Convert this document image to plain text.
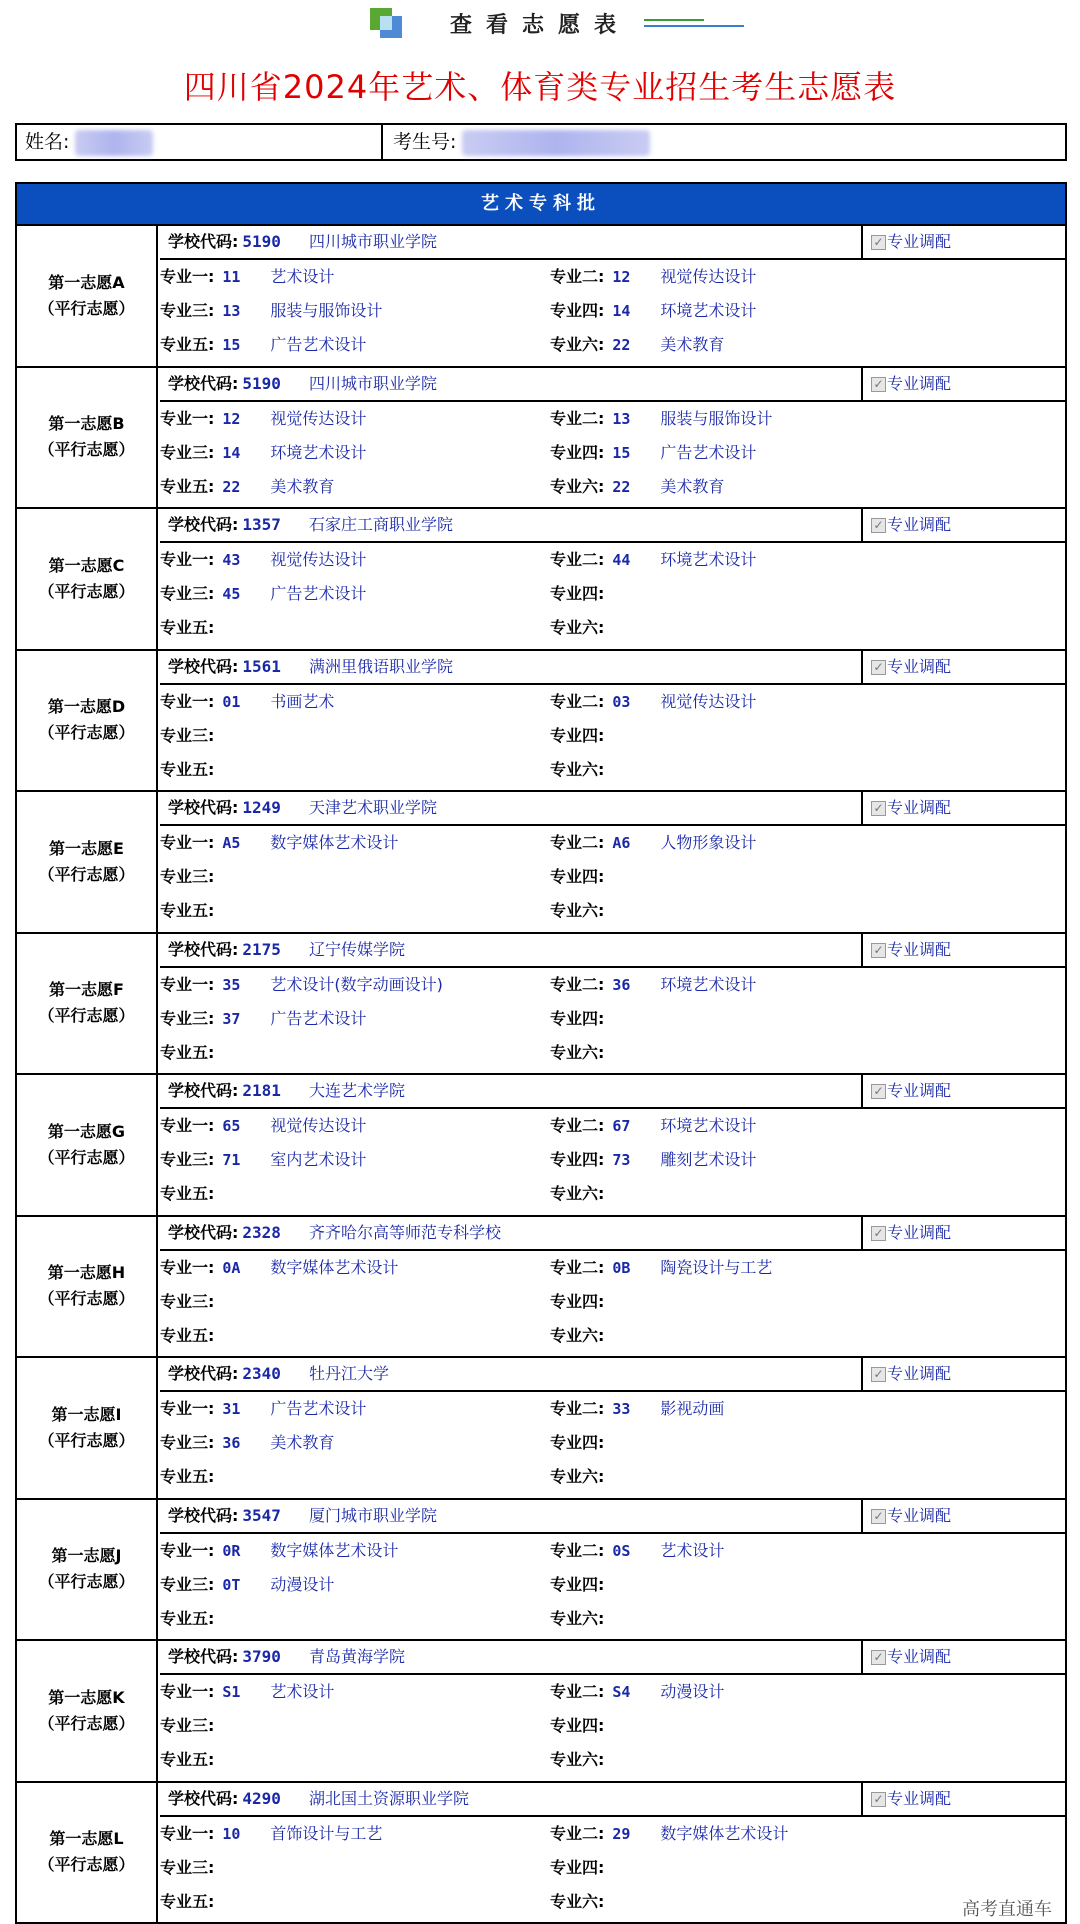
查看志愿表
四川省2024年艺术、体育类专业招生考生志愿表
姓名:	考生号:
艺术专科批
第一志愿A
（平行志愿）
学校代码: 5190 四川城市职业学院	✓ 专业调配
专业一: 11 艺术设计	专业二: 12 视觉传达设计
专业三: 13 服装与服饰设计	专业四: 14 环境艺术设计
专业五: 15 广告艺术设计	专业六: 22 美术教育
第一志愿B
（平行志愿）
学校代码: 5190 四川城市职业学院	✓ 专业调配
专业一: 12 视觉传达设计	专业二: 13 服装与服饰设计
专业三: 14 环境艺术设计	专业四: 15 广告艺术设计
专业五: 22 美术教育	专业六: 22 美术教育
第一志愿C
（平行志愿）
学校代码: 1357 石家庄工商职业学院	✓ 专业调配
专业一: 43 视觉传达设计	专业二: 44 环境艺术设计
专业三: 45 广告艺术设计	专业四:
专业五:	专业六:
第一志愿D
（平行志愿）
学校代码: 1561 满洲里俄语职业学院	✓ 专业调配
专业一: 01 书画艺术	专业二: 03 视觉传达设计
专业三:	专业四:
专业五:	专业六:
第一志愿E
（平行志愿）
学校代码: 1249 天津艺术职业学院	✓ 专业调配
专业一: A5 数字媒体艺术设计	专业二: A6 人物形象设计
专业三:	专业四:
专业五:	专业六:
第一志愿F
（平行志愿）
学校代码: 2175 辽宁传媒学院	✓ 专业调配
专业一: 35 艺术设计(数字动画设计)	专业二: 36 环境艺术设计
专业三: 37 广告艺术设计	专业四:
专业五:	专业六:
第一志愿G
（平行志愿）
学校代码: 2181 大连艺术学院	✓ 专业调配
专业一: 65 视觉传达设计	专业二: 67 环境艺术设计
专业三: 71 室内艺术设计	专业四: 73 雕刻艺术设计
专业五:	专业六:
第一志愿H
（平行志愿）
学校代码: 2328 齐齐哈尔高等师范专科学校	✓ 专业调配
专业一: 0A 数字媒体艺术设计	专业二: 0B 陶瓷设计与工艺
专业三:	专业四:
专业五:	专业六:
第一志愿I
（平行志愿）
学校代码: 2340 牡丹江大学	✓ 专业调配
专业一: 31 广告艺术设计	专业二: 33 影视动画
专业三: 36 美术教育	专业四:
专业五:	专业六:
第一志愿J
（平行志愿）
学校代码: 3547 厦门城市职业学院	✓ 专业调配
专业一: 0R 数字媒体艺术设计	专业二: 0S 艺术设计
专业三: 0T 动漫设计	专业四:
专业五:	专业六:
第一志愿K
（平行志愿）
学校代码: 3790 青岛黄海学院	✓ 专业调配
专业一: S1 艺术设计	专业二: S4 动漫设计
专业三:	专业四:
专业五:	专业六:
第一志愿L
（平行志愿）
学校代码: 4290 湖北国土资源职业学院	✓ 专业调配
专业一: 10 首饰设计与工艺	专业二: 29 数字媒体艺术设计
专业三:	专业四:
专业五:	专业六:	高考直通车
